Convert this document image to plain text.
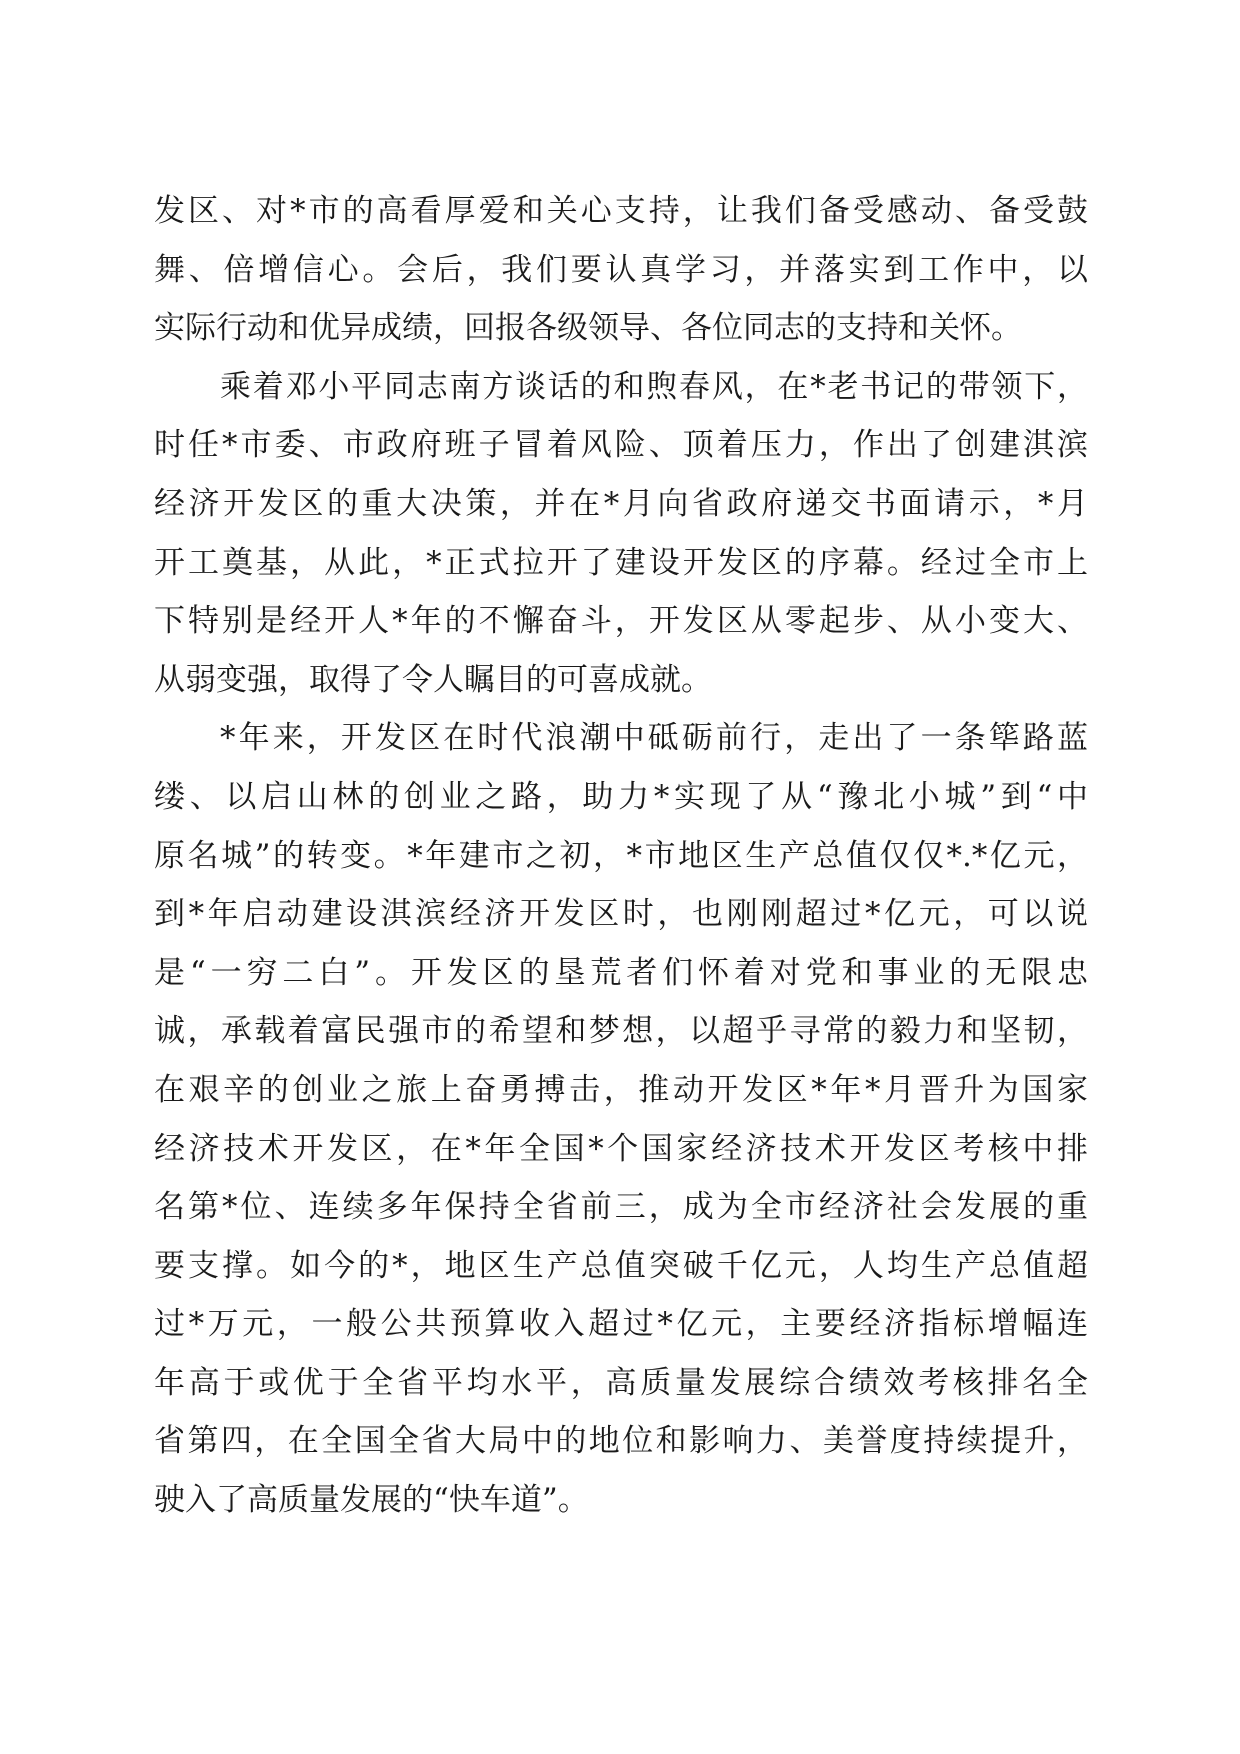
发区、对*市的高看厚爱和关心支持，让我们备受感动、备受鼓
舞、倍增信心。会后，我们要认真学习，并落实到工作中，以
实际行动和优异成绩，回报各级领导、各位同志的支持和关怀。
乘着邓小平同志南方谈话的和煦春风，在*老书记的带领下，
时任*市委、市政府班子冒着风险、顶着压力，作出了创建淇滨
经济开发区的重大决策，并在*月向省政府递交书面请示，*月
开工奠基，从此，*正式拉开了建设开发区的序幕。经过全市上
下特别是经开人*年的不懈奋斗，开发区从零起步、从小变大、
从弱变强，取得了令人瞩目的可喜成就。
*年来，开发区在时代浪潮中砥砺前行，走出了一条筚路蓝
缕、以启山林的创业之路，助力*实现了从“豫北小城”到“中
原名城”的转变。*年建市之初，*市地区生产总值仅仅*.*亿元，
到*年启动建设淇滨经济开发区时，也刚刚超过*亿元，可以说
是“一穷二白”。开发区的垦荒者们怀着对党和事业的无限忠
诚，承载着富民强市的希望和梦想，以超乎寻常的毅力和坚韧，
在艰辛的创业之旅上奋勇搏击，推动开发区*年*月晋升为国家
经济技术开发区，在*年全国*个国家经济技术开发区考核中排
名第*位、连续多年保持全省前三，成为全市经济社会发展的重
要支撑。如今的*，地区生产总值突破千亿元，人均生产总值超
过*万元，一般公共预算收入超过*亿元，主要经济指标增幅连
年高于或优于全省平均水平，高质量发展综合绩效考核排名全
省第四，在全国全省大局中的地位和影响力、美誉度持续提升，
驶入了高质量发展的“快车道”。
